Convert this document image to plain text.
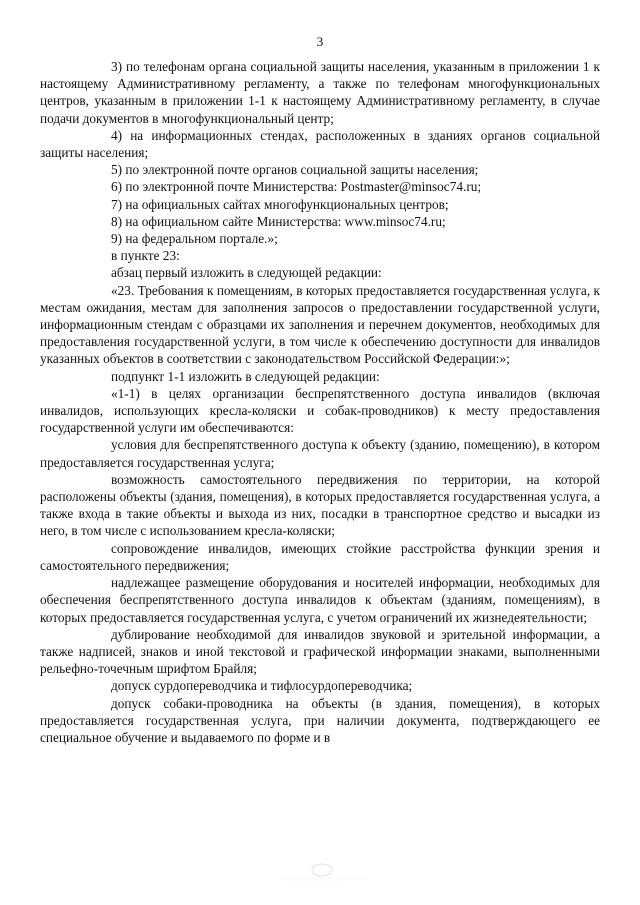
3

3) по телефонам органа социальной защиты населения, указанным в приложении 1 к настоящему Административному регламенту, а также по телефонам многофункциональных центров, указанным в приложении 1-1 к настоящему Административному регламенту, в случае подачи документов в многофункциональный центр;

4) на информационных стендах, расположенных в зданиях органов социальной защиты населения;

5) по электронной почте органов социальной защиты населения;

6) по электронной почте Министерства: Postmaster@minsoc74.ru;

7) на официальных сайтах многофункциональных центров;

8) на официальном сайте Министерства: www.minsoc74.ru;

9) на федеральном портале.»;

в пункте 23:

абзац первый изложить в следующей редакции:

«23. Требования к помещениям, в которых предоставляется государственная услуга, к местам ожидания, местам для заполнения запросов о предоставлении государственной услуги, информационным стендам с образцами их заполнения и перечнем документов, необходимых для предоставления государственной услуги, в том числе к обеспечению доступности для инвалидов указанных объектов в соответствии с законодательством Российской Федерации:»;

подпункт 1-1 изложить в следующей редакции:

«1-1) в целях организации беспрепятственного доступа инвалидов (включая инвалидов, использующих кресла-коляски и собак-проводников) к месту предоставления государственной услуги им обеспечиваются:

условия для беспрепятственного доступа к объекту (зданию, помещению), в котором предоставляется государственная услуга;

возможность самостоятельного передвижения по территории, на которой расположены объекты (здания, помещения), в которых предоставляется государственная услуга, а также входа в такие объекты и выхода из них, посадки в транспортное средство и высадки из него, в том числе с использованием кресла-коляски;

сопровождение инвалидов, имеющих стойкие расстройства функции зрения и самостоятельного передвижения;

надлежащее размещение оборудования и носителей информации, необходимых для обеспечения беспрепятственного доступа инвалидов к объектам (зданиям, помещениям), в которых предоставляется государственная услуга, с учетом ограничений их жизнедеятельности;

дублирование необходимой для инвалидов звуковой и зрительной информации, а также надписей, знаков и иной текстовой и графической информации знаками, выполненными рельефно-точечным шрифтом Брайля;

допуск сурдопереводчика и тифлосурдопереводчика;

допуск собаки-проводника на объекты (в здания, помещения), в которых предоставляется государственная услуга, при наличии документа, подтверждающего ее специальное обучение и выдаваемого по форме и в
